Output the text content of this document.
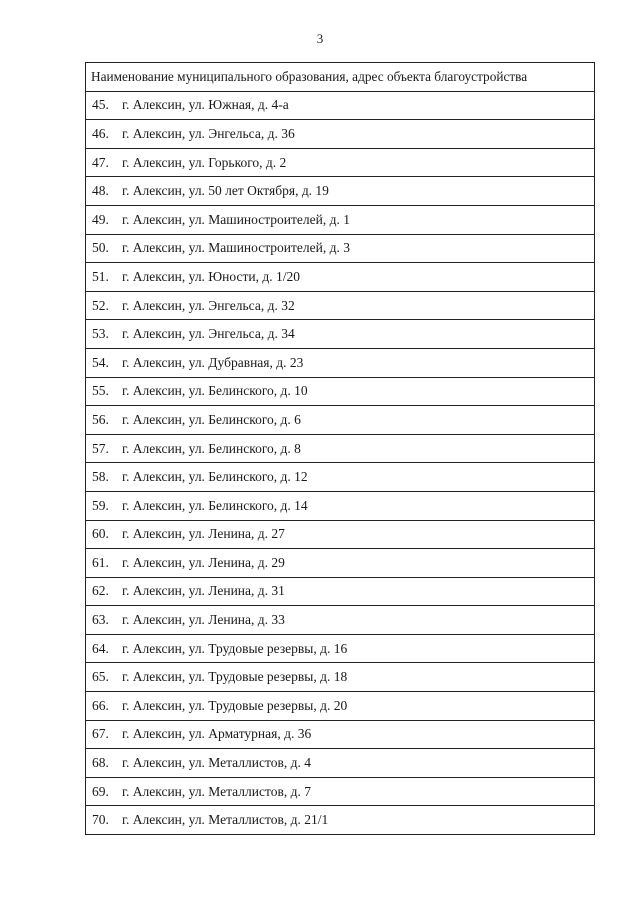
3
Наименование муниципального образования, адрес объекта благоустройства
45. г. Алексин, ул. Южная, д. 4-а
46. г. Алексин, ул. Энгельса, д. 36
47. г. Алексин, ул. Горького, д. 2
48. г. Алексин, ул. 50 лет Октября, д. 19
49. г. Алексин, ул. Машиностроителей, д. 1
50. г. Алексин, ул. Машиностроителей, д. 3
51. г. Алексин, ул. Юности, д. 1/20
52. г. Алексин, ул. Энгельса, д. 32
53. г. Алексин, ул. Энгельса, д. 34
54. г. Алексин, ул. Дубравная, д. 23
55. г. Алексин, ул. Белинского, д. 10
56. г. Алексин, ул. Белинского, д. 6
57. г. Алексин, ул. Белинского, д. 8
58. г. Алексин, ул. Белинского, д. 12
59. г. Алексин, ул. Белинского, д. 14
60. г. Алексин, ул. Ленина, д. 27
61. г. Алексин, ул. Ленина, д. 29
62. г. Алексин, ул. Ленина, д. 31
63. г. Алексин, ул. Ленина, д. 33
64. г. Алексин, ул. Трудовые резервы, д. 16
65. г. Алексин, ул. Трудовые резервы, д. 18
66. г. Алексин, ул. Трудовые резервы, д. 20
67. г. Алексин, ул. Арматурная, д. 36
68. г. Алексин, ул. Металлистов, д. 4
69. г. Алексин, ул. Металлистов, д. 7
70. г. Алексин, ул. Металлистов, д. 21/1
